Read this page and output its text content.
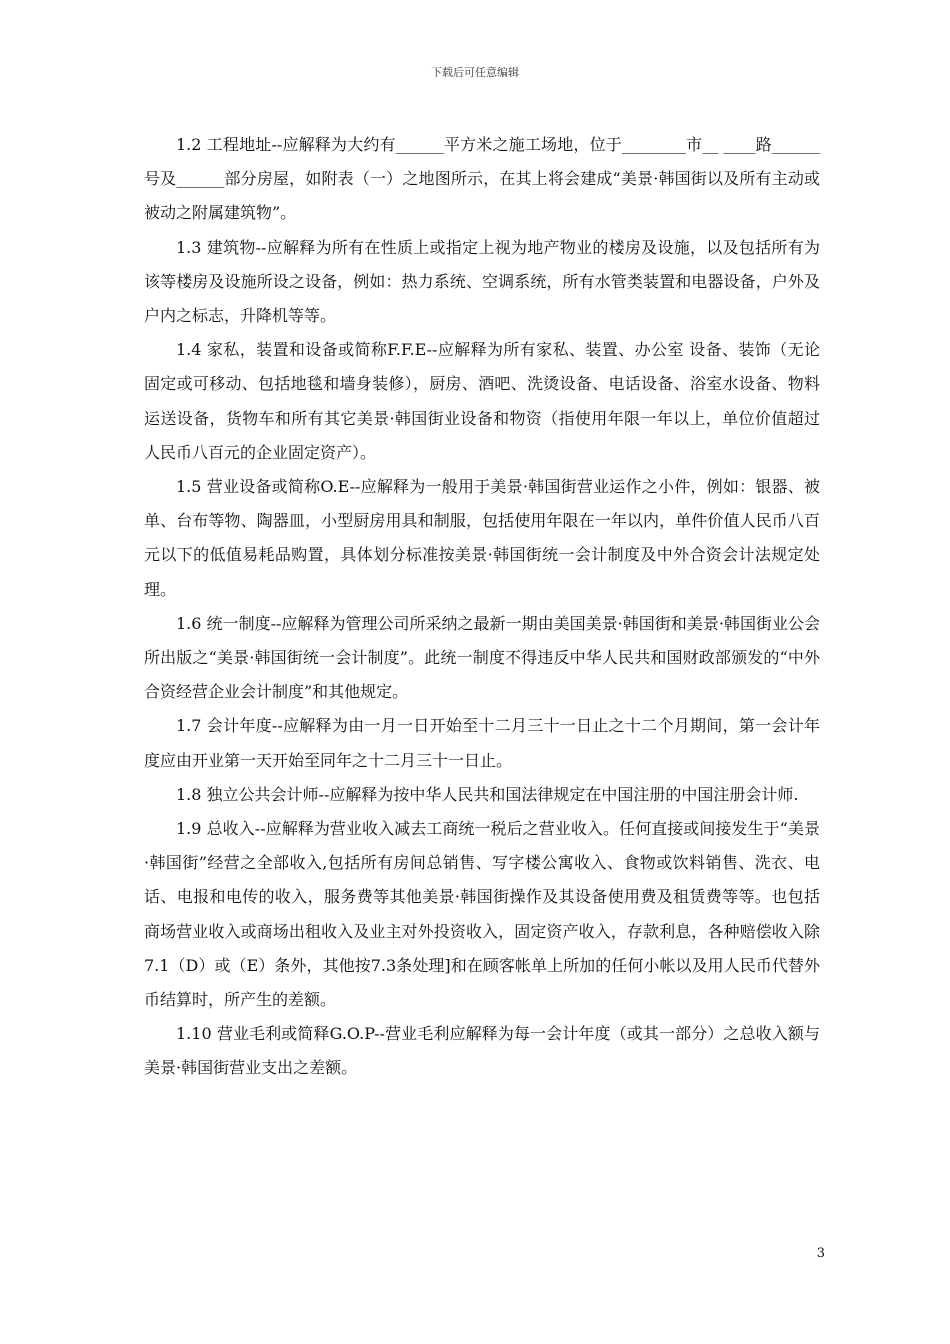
下载后可任意编辑

1.2 工程地址--应解释为大约有______平方米之施工场地，位于________市__ ____路______号及______部分房屋，如附表（一）之地图所示，在其上将会建成“美景·韩国街以及所有主动或被动之附属建筑物”。

1.3 建筑物--应解释为所有在性质上或指定上视为地产物业的楼房及设施，以及包括所有为该等楼房及设施所设之设备，例如：热力系统、空调系统，所有水管类装置和电器设备，户外及户内之标志，升降机等等。

1.4 家私，装置和设备或简称F.F.E--应解释为所有家私、装置、办公室 设备、装饰（无论固定或可移动、包括地毯和墙身装修），厨房、酒吧、洗烫设备、电话设备、浴室水设备、物料运送设备，货物车和所有其它美景·韩国街业设备和物资（指使用年限一年以上，单位价值超过人民币八百元的企业固定资产）。

1.5 营业设备或简称O.E--应解释为一般用于美景·韩国街营业运作之小件，例如：银器、被单、台布等物、陶器皿，小型厨房用具和制服，包括使用年限在一年以内，单件价值人民币八百元以下的低值易耗品购置，具体划分标准按美景·韩国街统一会计制度及中外合资会计法规定处理。

1.6 统一制度--应解释为管理公司所采纳之最新一期由美国美景·韩国街和美景·韩国街业公会所出版之“美景·韩国街统一会计制度”。此统一制度不得违反中华人民共和国财政部颁发的“中外合资经营企业会计制度”和其他规定。

1.7 会计年度--应解释为由一月一日开始至十二月三十一日止之十二个月期间，第一会计年度应由开业第一天开始至同年之十二月三十一日止。

1.8 独立公共会计师--应解释为按中华人民共和国法律规定在中国注册的中国注册会计师.

1.9 总收入--应解释为营业收入减去工商统一税后之营业收入。任何直接或间接发生于“美景·韩国街”经营之全部收入,包括所有房间总销售、写字楼公寓收入、食物或饮料销售、洗衣、电话、电报和电传的收入，服务费等其他美景·韩国街操作及其设备使用费及租赁费等等。也包括商场营业收入或商场出租收入及业主对外投资收入，固定资产收入，存款利息，各种赔偿收入除7.1（D）或（E）条外，其他按7.3条处理]和在顾客帐单上所加的任何小帐以及用人民币代替外币结算时，所产生的差额。

1.10 营业毛利或简释G.O.P--营业毛利应解释为每一会计年度（或其一部分）之总收入额与美景·韩国街营业支出之差额。

3
